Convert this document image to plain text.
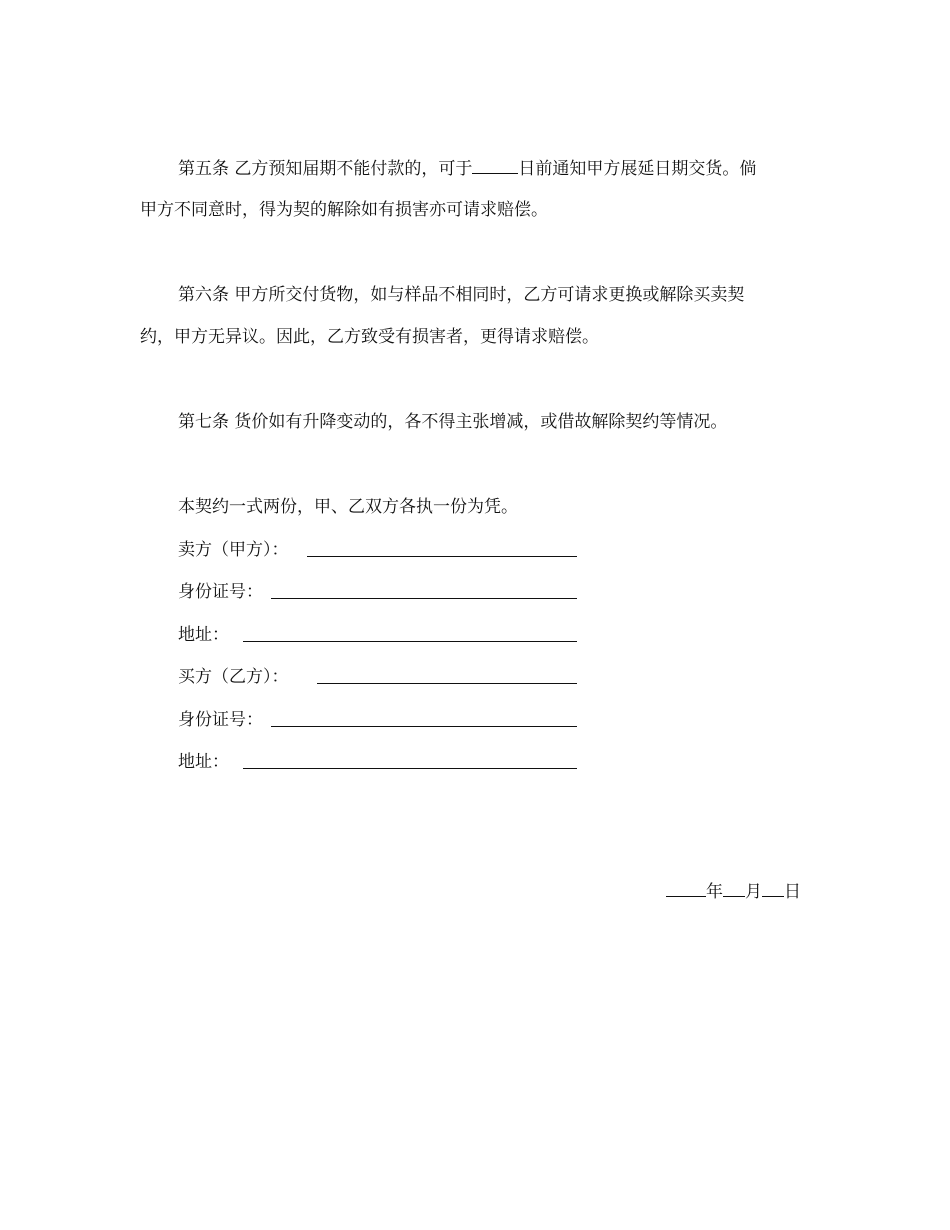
第五条 乙方预知届期不能付款的，可于	日前通知甲方展延日期交货。倘
甲方不同意时，得为契的解除如有损害亦可请求赔偿。
第六条 甲方所交付货物，如与样品不相同时，乙方可请求更换或解除买卖契
约，甲方无异议。因此，乙方致受有损害者，更得请求赔偿。
第七条 货价如有升降变动的，各不得主张增减，或借故解除契约等情况。
本契约一式两份，甲、乙双方各执一份为凭。
卖方（甲方）：
身份证号：
地址：
买方（乙方）：
身份证号：
地址：
年 月 日
